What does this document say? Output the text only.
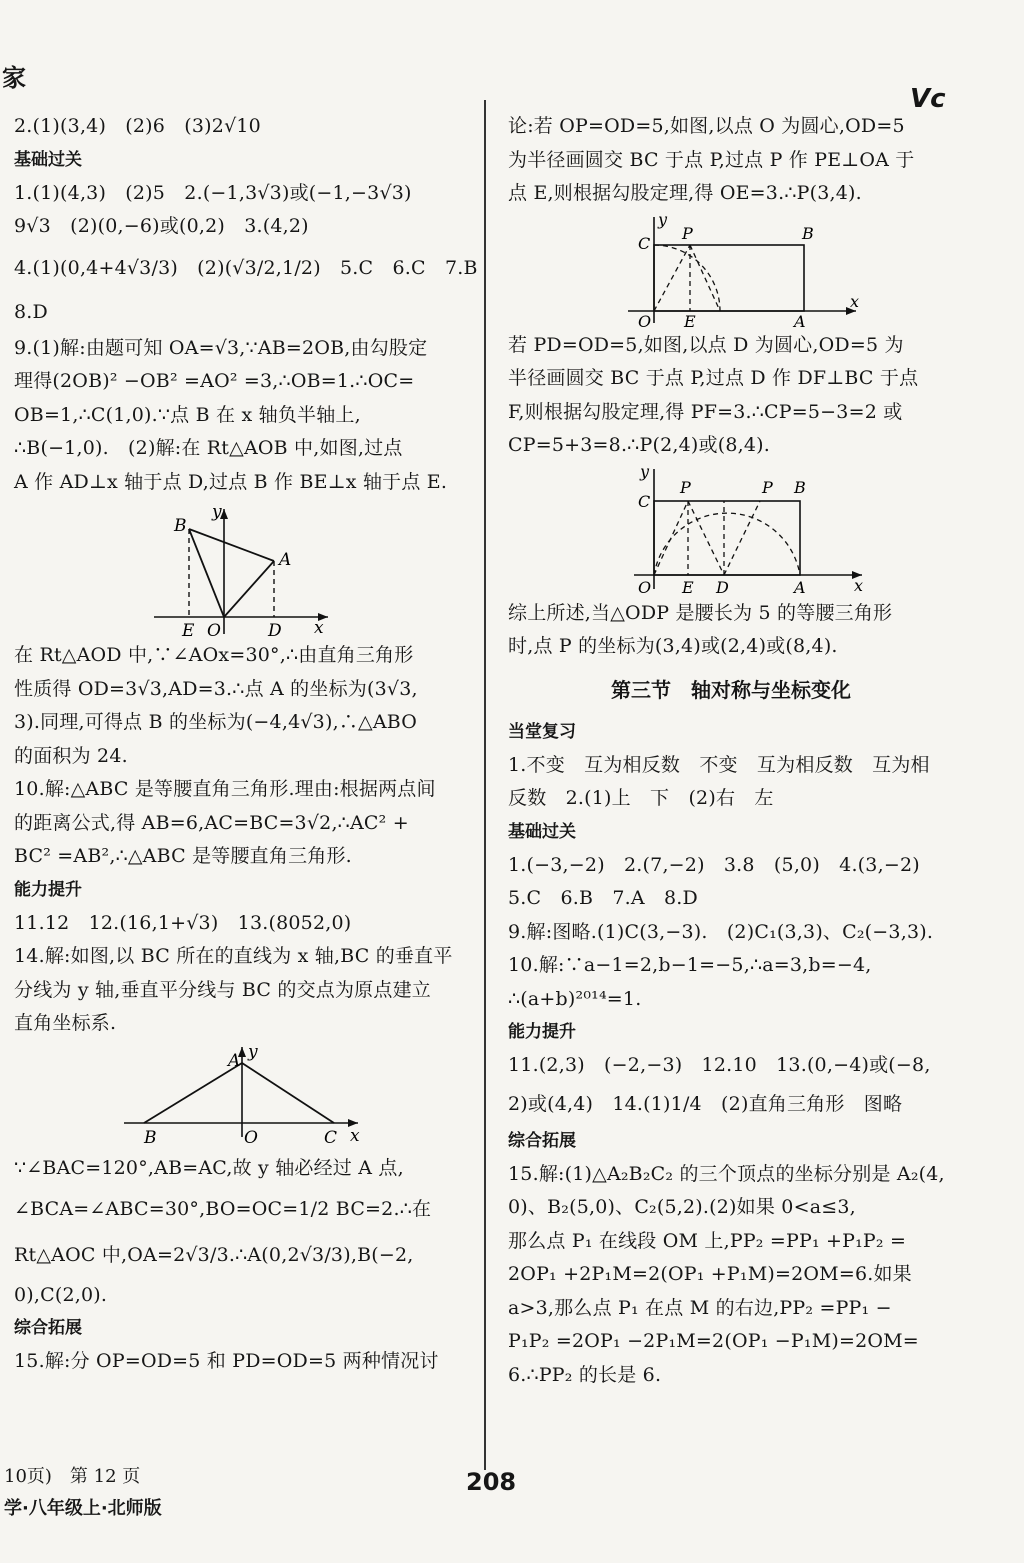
家
Vc
2.(1)(3,4)　(2)6　(3)2√10
基础过关
1.(1)(4,3)　(2)5　2.(−1,3√3)或(−1,−3√3)
9√3　(2)(0,−6)或(0,2)　3.(4,2)
4.(1)(0,4+4√3/3)　(2)(√3/2,1/2)　5.C　6.C　7.B
8.D
9.(1)解:由题可知 OA=√3,∵AB=2OB,由勾股定
理得(2OB)² −OB² =AO² =3,∴OB=1.∴OC=
OB=1,∴C(1,0).∵点 B 在 x 轴负半轴上,
∴B(−1,0).　(2)解:在 Rt△AOB 中,如图,过点
A 作 AD⊥x 轴于点 D,过点 B 作 BE⊥x 轴于点 E.
B
A
E O	D x
y
在 Rt△AOD 中,∵∠AOx=30°,∴由直角三角形
性质得 OD=3√3,AD=3.∴点 A 的坐标为(3√3,
3).同理,可得点 B 的坐标为(−4,4√3),∴△ABO
的面积为 24.
10.解:△ABC 是等腰直角三角形.理由:根据两点间
的距离公式,得 AB=6,AC=BC=3√2,∴AC² +
BC² =AB²,∴△ABC 是等腰直角三角形.
能力提升
11.12　12.(16,1+√3)　13.(8052,0)
14.解:如图,以 BC 所在的直线为 x 轴,BC 的垂直平
分线为 y 轴,垂直平分线与 BC 的交点为原点建立
直角坐标系.
A y
B	O	C x
∵∠BAC=120°,AB=AC,故 y 轴必经过 A 点,
∠BCA=∠ABC=30°,BO=OC=1/2 BC=2.∴在
Rt△AOC 中,OA=2√3/3.∴A(0,2√3/3),B(−2,
0),C(2,0).
综合拓展
15.解:分 OP=OD=5 和 PD=OD=5 两种情况讨
论:若 OP=OD=5,如图,以点 O 为圆心,OD=5
为半径画圆交 BC 于点 P,过点 P 作 PE⊥OA 于
点 E,则根据勾股定理,得 OE=3.∴P(3,4).
C
P	B
O E	A
x
y
若 PD=OD=5,如图,以点 D 为圆心,OD=5 为
半径画圆交 BC 于点 P,过点 D 作 DF⊥BC 于点
F,则根据勾股定理,得 PF=3.∴CP=5−3=2 或
CP=5+3=8.∴P(2,4)或(8,4).
C
P	P B
O E D	A	x
y
综上所述,当△ODP 是腰长为 5 的等腰三角形
时,点 P 的坐标为(3,4)或(2,4)或(8,4).
第三节　轴对称与坐标变化
当堂复习
1.不变　互为相反数　不变　互为相反数　互为相
反数　2.(1)上　下　(2)右　左
基础过关
1.(−3,−2)　2.(7,−2)　3.8　(5,0)　4.(3,−2)
5.C　6.B　7.A　8.D
9.解:图略.(1)C(3,−3).　(2)C₁(3,3)、C₂(−3,3).
10.解:∵a−1=2,b−1=−5,∴a=3,b=−4,
∴(a+b)²⁰¹⁴=1.
能力提升
11.(2,3)　(−2,−3)　12.10　13.(0,−4)或(−8,
2)或(4,4)　14.(1)1/4　(2)直角三角形　图略
综合拓展
15.解:(1)△A₂B₂C₂ 的三个顶点的坐标分别是 A₂(4,
0)、B₂(5,0)、C₂(5,2).(2)如果 0<a≤3,
那么点 P₁ 在线段 OM 上,PP₂ =PP₁ +P₁P₂ =
2OP₁ +2P₁M=2(OP₁ +P₁M)=2OM=6.如果
a>3,那么点 P₁ 在点 M 的右边,PP₂ =PP₁ −
P₁P₂ =2OP₁ −2P₁M=2(OP₁ −P₁M)=2OM=
6.∴PP₂ 的长是 6.
10页)　第 12 页
学·八年级上·北师版
208
